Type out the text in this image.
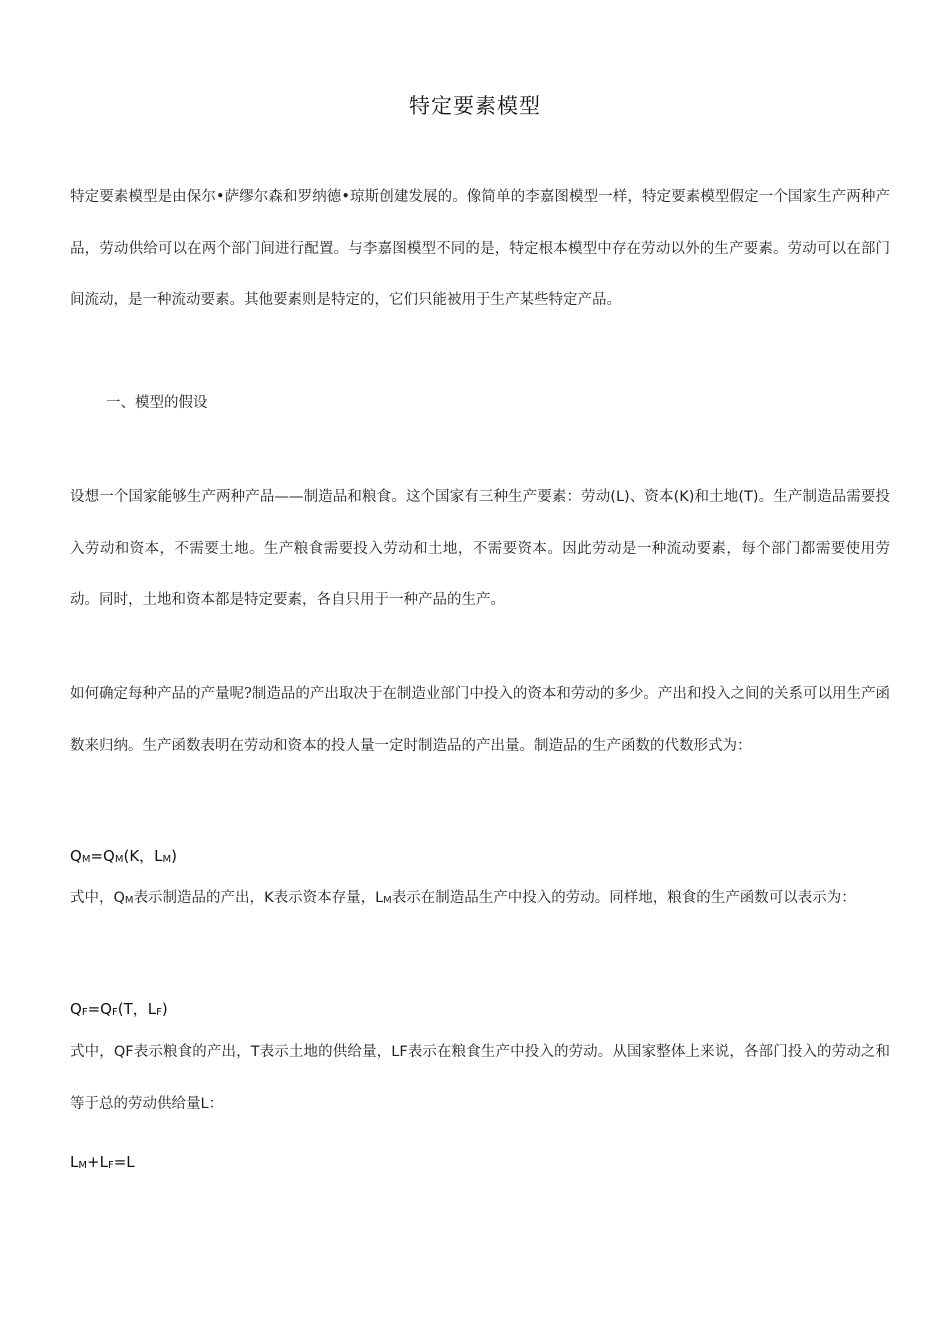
特定要素模型
特定要素模型是由保尔•萨缪尔森和罗纳德•琼斯创建发展的。像简单的李嘉图模型一样，特定要素模型假定一个国家生产两种产品，劳动供给可以在两个部门间进行配置。与李嘉图模型不同的是，特定根本模型中存在劳动以外的生产要素。劳动可以在部门间流动，是一种流动要素。其他要素则是特定的，它们只能被用于生产某些特定产品。
一、模型的假设
设想一个国家能够生产两种产品——制造品和粮食。这个国家有三种生产要素：劳动(L)、资本(K)和土地(T)。生产制造品需要投入劳动和资本，不需要土地。生产粮食需要投入劳动和土地，不需要资本。因此劳动是一种流动要素，每个部门都需要使用劳动。同时，土地和资本都是特定要素，各自只用于一种产品的生产。
如何确定每种产品的产量呢?制造品的产出取决于在制造业部门中投入的资本和劳动的多少。产出和投入之间的关系可以用生产函数来归纳。生产函数表明在劳动和资本的投人量一定时制造品的产出量。制造品的生产函数的代数形式为：
QM=QM(K，LM)
式中，QM表示制造品的产出，K表示资本存量，LM表示在制造品生产中投入的劳动。同样地，粮食的生产函数可以表示为：
QF=QF(T，LF)
式中，QF表示粮食的产出，T表示土地的供给量，LF表示在粮食生产中投入的劳动。从国家整体上来说，各部门投入的劳动之和等于总的劳动供给量L：
LM+LF=L
